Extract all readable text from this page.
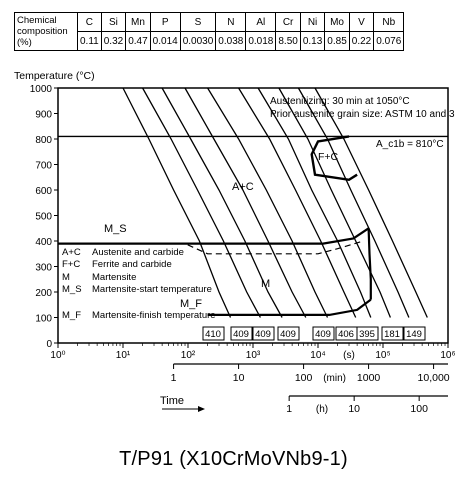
Chemical composition (%)	C	Si	Mn	P	S	N	Al	Cr	Ni	Mo	V	Nb
	0.11	0.32	0.47	0.014	0.0030	0.038	0.018	8.50	0.13	0.85	0.22	0.076
0
100
200
300
400
500
600
700
800
900
1000
Temperature (°C)
10⁰	10¹	10²	10³	10⁴	10⁵	10⁶
(s)
1	10	100	1000	10,000
(min)
1	10	100
(h)
Time
410 409 409 409 409 406 395 181 149
Austenitizing: 30 min at 1050°C
Prior austenite grain size: ASTM 10 and 3
A_c1b = 810°C
A+C
F+C
M
M_S
M_F
A+C Austenite and carbide
F+C Ferrite and carbide
M Martensite
M_S Martensite-start temperature
M_F Martensite-finish temperature
T/P91 (X10CrMoVNb9-1)
